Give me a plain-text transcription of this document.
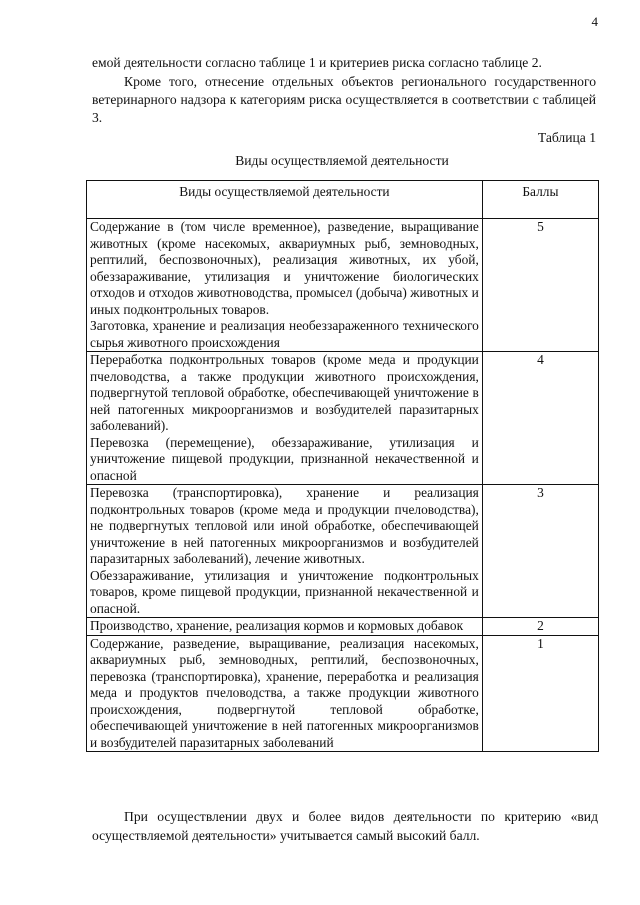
4

емой деятельности согласно таблице 1 и критериев риска согласно таблице 2.

Кроме того, отнесение отдельных объектов регионального государственного ветеринарного надзора к категориям риска осуществляется в соответствии с таблицей 3.

Таблица 1
Виды осуществляемой деятельности
Виды осуществляемой деятельности	Баллы

Содержание в (том числе временное), разведение, выращивание животных (кроме насекомых, аквариумных рыб, земноводных, рептилий, беспозвоночных), реализация животных, их убой, обеззараживание, утилизация и уничтожение биологических отходов и отходов животноводства, промысел (добыча) животных и иных подконтрольных товаров.

Заготовка, хранение и реализация необеззараженного технического сырья животного происхождения	5

Переработка подконтрольных товаров (кроме меда и продукции пчеловодства, а также продукции животного происхождения, подвергнутой тепловой обработке, обеспечивающей уничтожение в ней патогенных микроорганизмов и возбудителей паразитарных заболеваний).

Перевозка (перемещение), обеззараживание, утилизация и уничтожение пищевой продукции, признанной некачественной и опасной	4

Перевозка (транспортировка), хранение и реализация подконтрольных товаров (кроме меда и продукции пчеловодства), не подвергнутых тепловой или иной обработке, обеспечивающей уничтожение в ней патогенных микроорганизмов и возбудителей паразитарных заболеваний), лечение животных.

Обеззараживание, утилизация и уничтожение подконтрольных товаров, кроме пищевой продукции, признанной некачественной и опасной.	3

Производство, хранение, реализация кормов и кормовых добавок	2

Содержание, разведение, выращивание, реализация насекомых, аквариумных рыб, земноводных, рептилий, беспозвоночных, перевозка (транспортировка), хранение, переработка и реализация меда и продуктов пчеловодства, а также продукции животного происхождения, подвергнутой тепловой обработке, обеспечивающей уничтожение в ней патогенных микроорганизмов и возбудителей паразитарных заболеваний	1

При осуществлении двух и более видов деятельности по критерию «вид осуществляемой деятельности» учитывается самый высокий балл.
